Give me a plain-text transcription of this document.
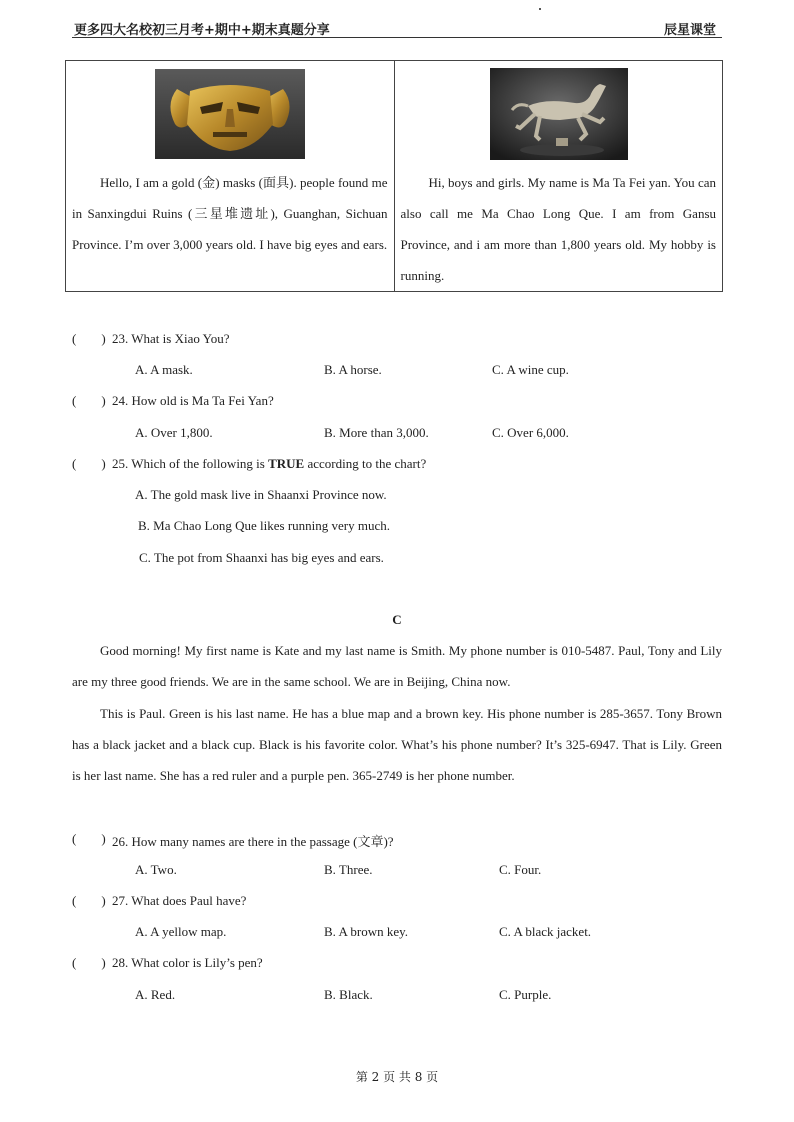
更多四大名校初三月考+期中+期末真题分享	辰星课堂
Hello, I am a gold (金) masks (面具). people found me in Sanxingdui Ruins (三星堆遗址), Guanghan, Sichuan Province. I’m over 3,000 years old. I have big eyes and ears.

Hi, boys and girls. My name is Ma Ta Fei yan. You can also call me Ma Chao Long Que. I am from Gansu Province, and i am more than 1,800 years old. My hobby is running.
( ) 23. What is Xiao You?
A. A mask.	B. A horse.	C. A wine cup.
( ) 24. How old is Ma Ta Fei Yan?
A. Over 1,800.	B. More than 3,000.	C. Over 6,000.
( ) 25. Which of the following is TRUE according to the chart?
A. The gold mask live in Shaanxi Province now.
B. Ma Chao Long Que likes running very much.
C. The pot from Shaanxi has big eyes and ears.
C
Good morning! My first name is Kate and my last name is Smith. My phone number is 010-5487. Paul, Tony and Lily are my three good friends. We are in the same school. We are in Beijing, China now.
This is Paul. Green is his last name. He has a blue map and a brown key. His phone number is 285-3657. Tony Brown has a black jacket and a black cup. Black is his favorite color. What’s his phone number? It’s 325-6947. That is Lily. Green is her last name. She has a red ruler and a purple pen. 365-2749 is her phone number.
( ) 26. How many names are there in the passage (文章)?
A. Two.	B. Three.	C. Four.
( ) 27. What does Paul have?
A. A yellow map.	B. A brown key.	C. A black jacket.
( ) 28. What color is Lily’s pen?
A. Red.	B. Black.	C. Purple.
第 2 页 共 8 页
